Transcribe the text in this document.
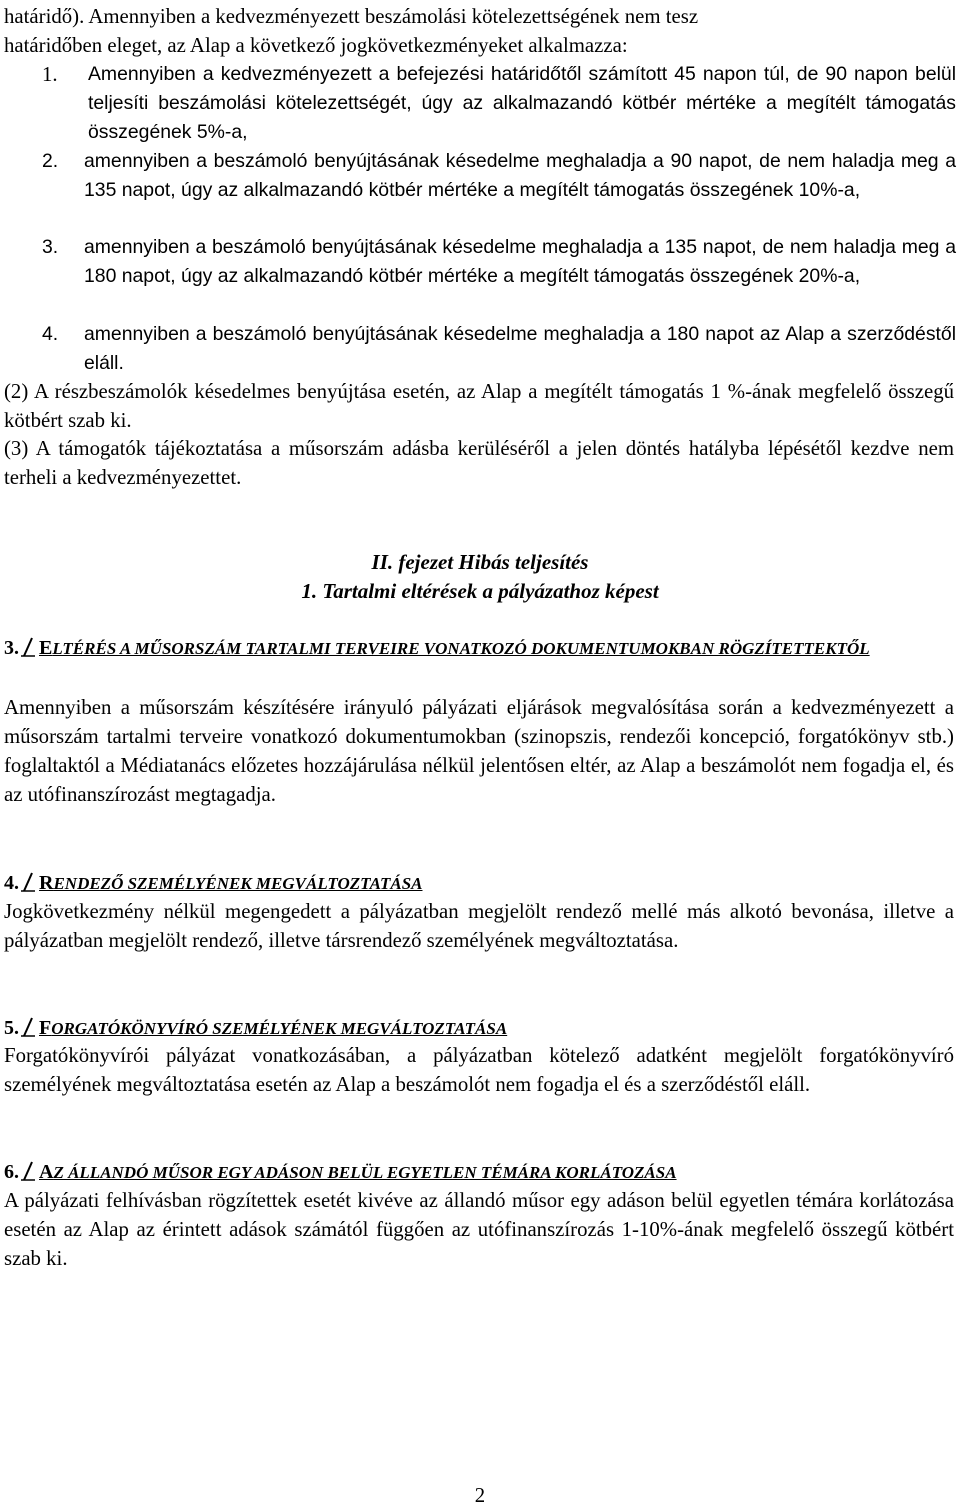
határidő). Amennyiben a kedvezményezett beszámolási kötelezettségének nem tesz

határidőben eleget, az Alap a következő jogkövetkezményeket alkalmazza:

1.	Amennyiben a kedvezményezett a befejezési határidőtől számított 45 napon túl, de 90 napon belül teljesíti beszámolási kötelezettségét, úgy az alkalmazandó kötbér mértéke a megítélt támogatás összegének 5%-a,
2.	amennyiben a beszámoló benyújtásának késedelme meghaladja a 90 napot, de nem haladja meg a 135 napot, úgy az alkalmazandó kötbér mértéke a megítélt támogatás összegének 10%-a,
3.	amennyiben a beszámoló benyújtásának késedelme meghaladja a 135 napot, de nem haladja meg a 180 napot, úgy az alkalmazandó kötbér mértéke a megítélt támogatás összegének 20%-a,
4.	amennyiben a beszámoló benyújtásának késedelme meghaladja a 180 napot az Alap a szerződéstől eláll.

(2) A részbeszámolók késedelmes benyújtása esetén, az Alap a megítélt támogatás 1 %-ának megfelelő összegű kötbért szab ki.

(3) A támogatók tájékoztatása a műsorszám adásba kerüléséről a jelen döntés hatályba lépésétől kezdve nem terheli a kedvezményezettet.

II. fejezet Hibás teljesítés

1. Tartalmi eltérések a pályázathoz képest

3. ELTÉRÉS A MŰSORSZÁM TARTALMI TERVEIRE VONATKOZÓ DOKUMENTUMOKBAN RÖGZÍTETTEKTŐL

Amennyiben a műsorszám készítésére irányuló pályázati eljárások megvalósítása során a kedvezményezett a műsorszám tartalmi terveire vonatkozó dokumentumokban (szinopszis, rendezői koncepció, forgatókönyv stb.) foglaltaktól a Médiatanács előzetes hozzájárulása nélkül jelentősen eltér, az Alap a beszámolót nem fogadja el, és az utófinanszírozást megtagadja.

4. RENDEZŐ SZEMÉLYÉNEK MEGVÁLTOZTATÁSA

Jogkövetkezmény nélkül megengedett a pályázatban megjelölt rendező mellé más alkotó bevonása, illetve a pályázatban megjelölt rendező, illetve társrendező személyének megváltoztatása.

5. FORGATÓKÖNYVÍRÓ SZEMÉLYÉNEK MEGVÁLTOZTATÁSA

Forgatókönyvírói pályázat vonatkozásában, a pályázatban kötelező adatként megjelölt forgatókönyvíró személyének megváltoztatása esetén az Alap a beszámolót nem fogadja el és a szerződéstől eláll.

6. AZ ÁLLANDÓ MŰSOR EGY ADÁSON BELÜL EGYETLEN TÉMÁRA KORLÁTOZÁSA

A pályázati felhívásban rögzítettek esetét kivéve az állandó műsor egy adáson belül egyetlen témára korlátozása esetén az Alap az érintett adások számától függően az utófinanszírozás 1-10%-ának megfelelő összegű kötbért szab ki.

2
